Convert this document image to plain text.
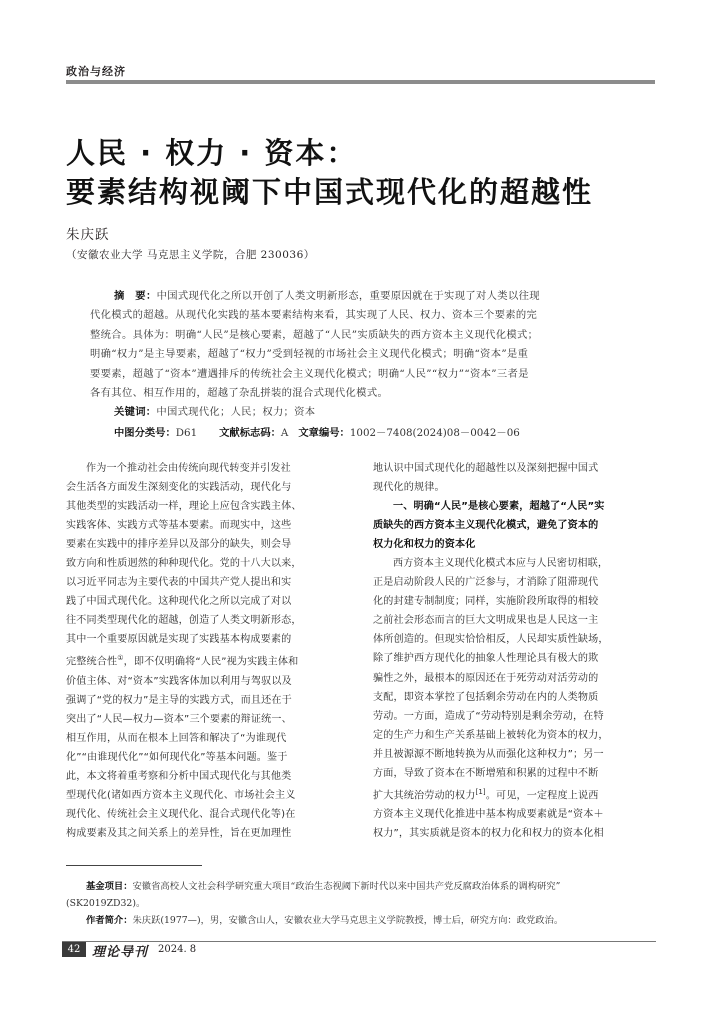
政治与经济
人民 · 权力 · 资本：
要素结构视阈下中国式现代化的超越性
朱庆跃
（安徽农业大学 马克思主义学院，合肥 230036）
摘　要：中国式现代化之所以开创了人类文明新形态，重要原因就在于实现了对人类以往现
代化模式的超越。从现代化实践的基本要素结构来看，其实现了人民、权力、资本三个要素的完
整统合。具体为：明确“人民”是核心要素，超越了“人民”实质缺失的西方资本主义现代化模式；
明确“权力”是主导要素，超越了“权力”受到轻视的市场社会主义现代化模式；明确“资本”是重
要要素，超越了“资本”遭遇排斥的传统社会主义现代化模式；明确“人民”“权力”“资本”三者是
各有其位、相互作用的，超越了杂乱拼装的混合式现代化模式。
关键词：中国式现代化；人民；权力；资本
中图分类号：D61 文献标志码：A 文章编号：1002－7408(2024)08－0042－06
作为一个推动社会由传统向现代转变并引发社
会生活各方面发生深刻变化的实践活动，现代化与
其他类型的实践活动一样，理论上应包含实践主体、
实践客体、实践方式等基本要素。而现实中，这些
要素在实践中的排序差异以及部分的缺失，则会导
致方向和性质迥然的种种现代化。党的十八大以来，
以习近平同志为主要代表的中国共产党人提出和实
践了中国式现代化。这种现代化之所以完成了对以
往不同类型现代化的超越，创造了人类文明新形态，
其中一个重要原因就是实现了实践基本构成要素的
完整统合性①，即不仅明确将“人民”视为实践主体和
价值主体、对“资本”实践客体加以利用与驾驭以及
强调了“党的权力”是主导的实践方式，而且还在于
突出了“人民—权力—资本”三个要素的辩证统一、
相互作用，从而在根本上回答和解决了“为谁现代
化”“由谁现代化”“如何现代化”等基本问题。鉴于
此，本文将着重考察和分析中国式现代化与其他类
型现代化(诸如西方资本主义现代化、市场社会主义
现代化、传统社会主义现代化、混合式现代化等)在
构成要素及其之间关系上的差异性，旨在更加理性
地认识中国式现代化的超越性以及深刻把握中国式
现代化的规律。
一、明确“人民”是核心要素，超越了“人民”实
质缺失的西方资本主义现代化模式，避免了资本的
权力化和权力的资本化
西方资本主义现代化模式本应与人民密切相联，
正是启动阶段人民的广泛参与，才消除了阻滞现代
化的封建专制制度；同样，实施阶段所取得的相较
之前社会形态而言的巨大文明成果也是人民这一主
体所创造的。但现实恰恰相反，人民却实质性缺场，
除了维护西方现代化的抽象人性理论具有极大的欺
骗性之外，最根本的原因还在于死劳动对活劳动的
支配，即资本掌控了包括剩余劳动在内的人类物质
劳动。一方面，造成了“劳动特别是剩余劳动，在特
定的生产力和生产关系基础上被转化为资本的权力，
并且被源源不断地转换为从而强化这种权力”；另一
方面，导致了资本在不断增殖和积累的过程中不断
扩大其统治劳动的权力[1]。可见，一定程度上说西
方资本主义现代化推进中基本构成要素就是“资本＋
权力”，其实质就是资本的权力化和权力的资本化相
基金项目：安徽省高校人文社会科学研究重大项目“政治生态视阈下新时代以来中国共产党反腐政治体系的调构研究”
(SK2019ZD32)。
作者简介：朱庆跃(1977—)，男，安徽含山人，安徽农业大学马克思主义学院教授，博士后，研究方向：政党政治。
42 理论导刊 2024. 8
